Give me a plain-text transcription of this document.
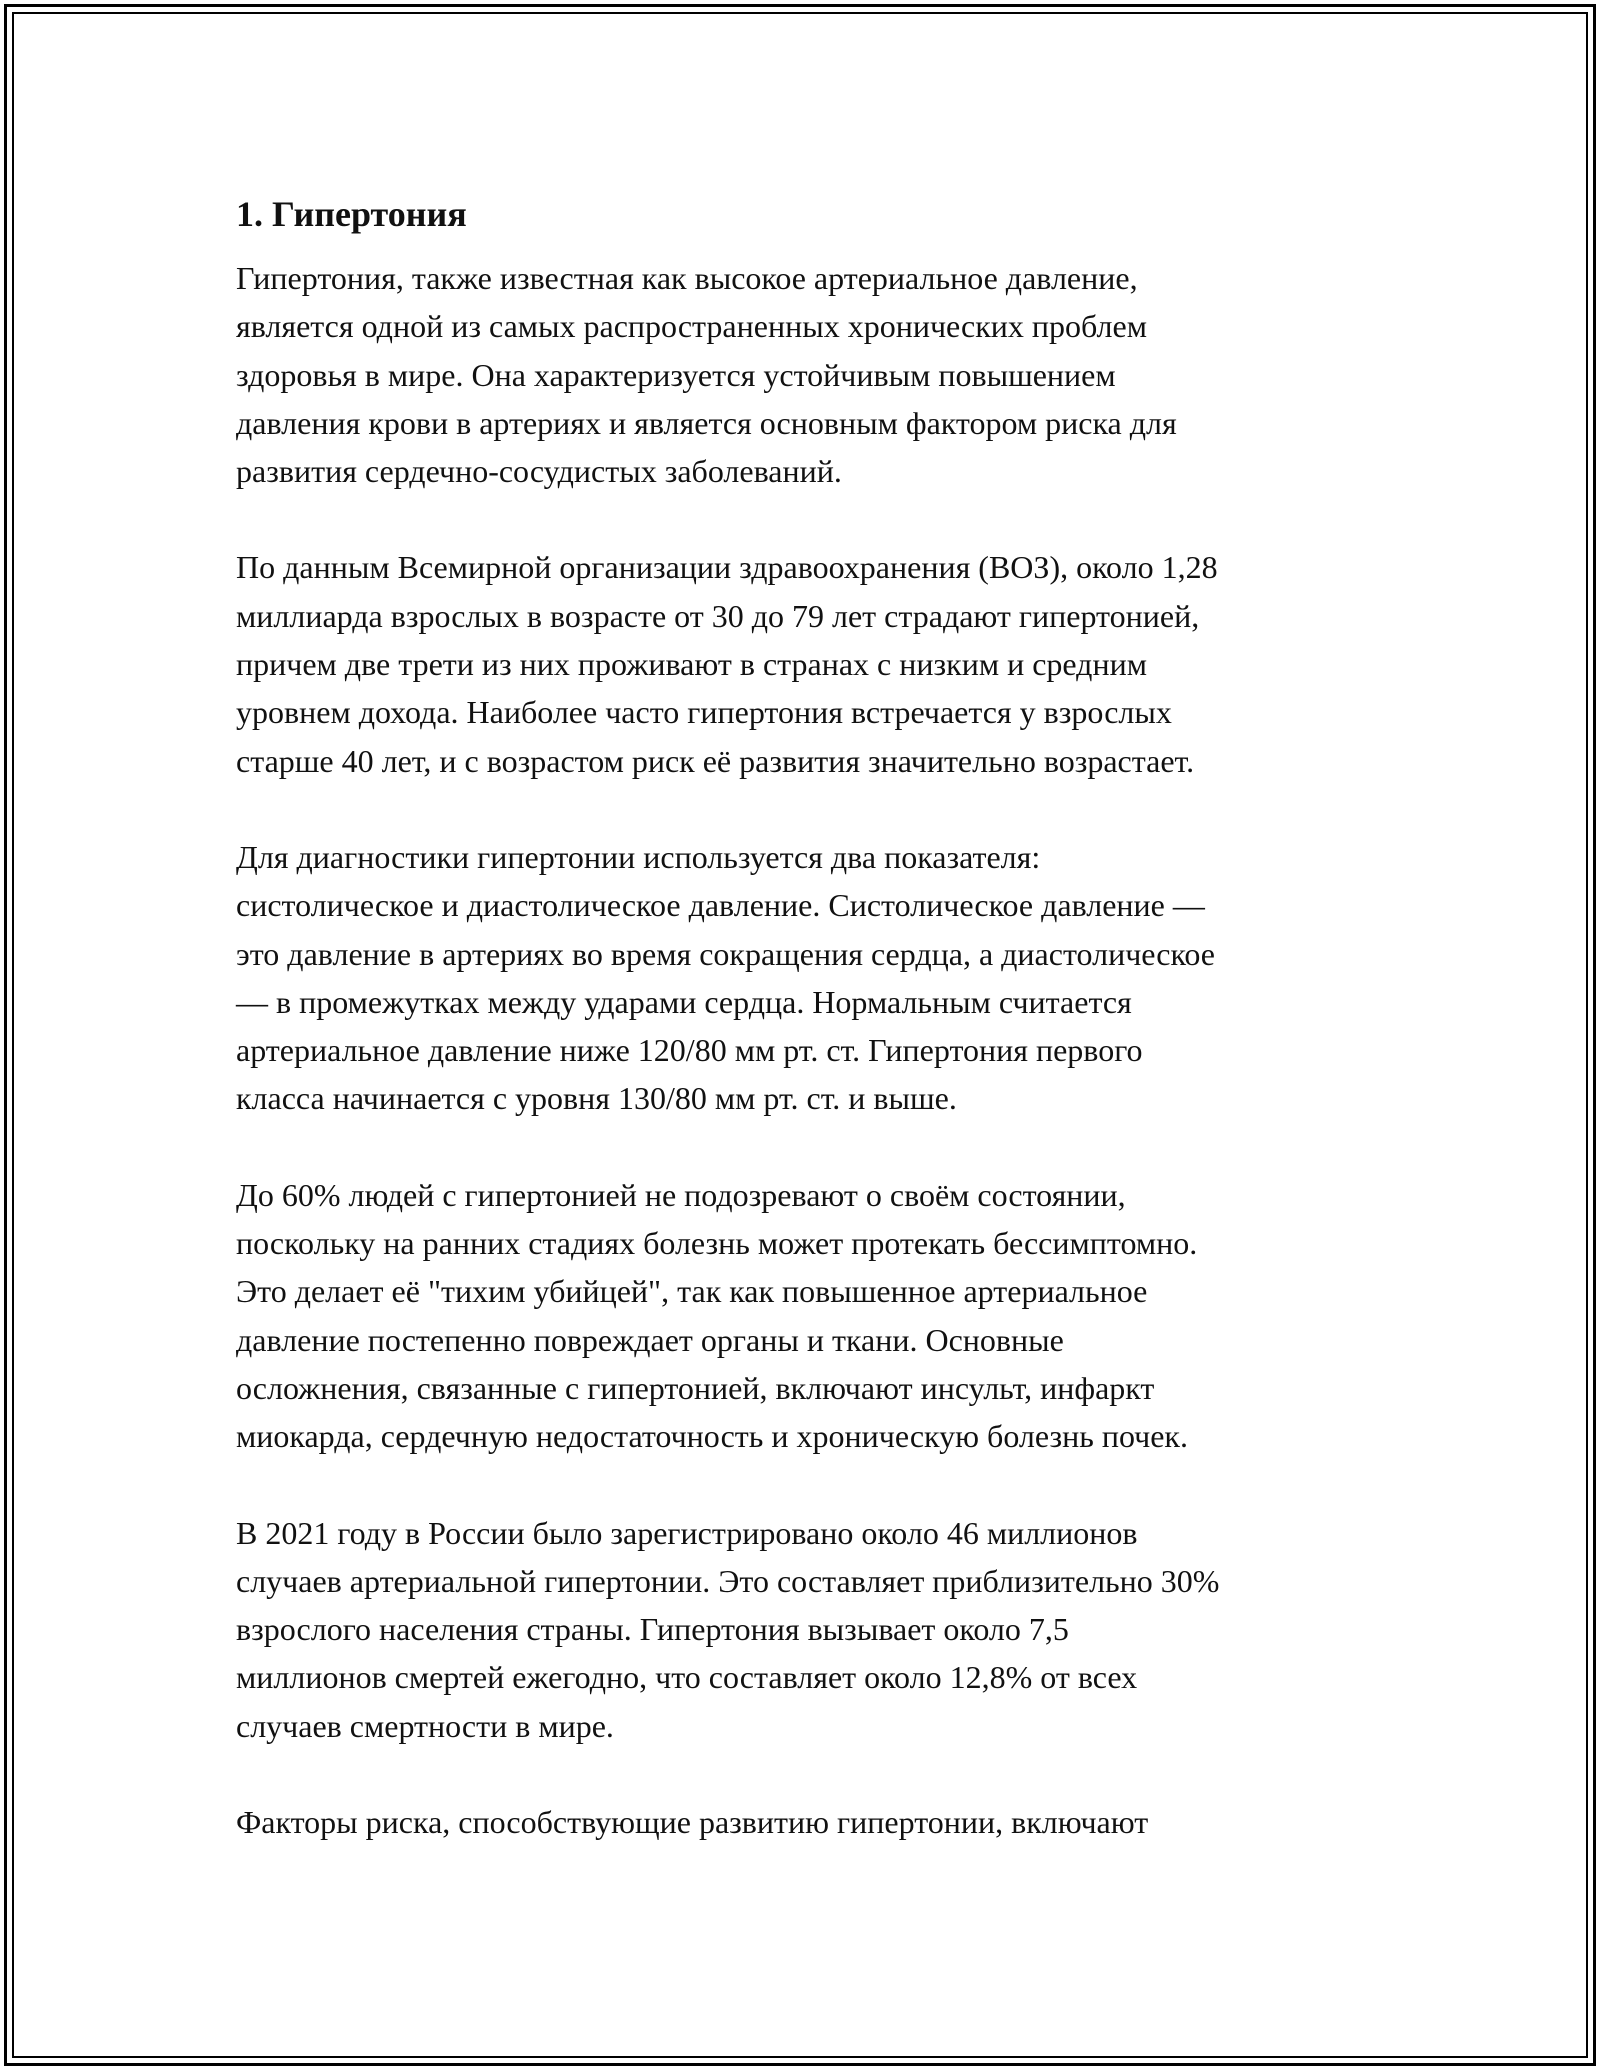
1. Гипертония

Гипертония, также известная как высокое артериальное давление,
является одной из самых распространенных хронических проблем
здоровья в мире. Она характеризуется устойчивым повышением
давления крови в артериях и является основным фактором риска для
развития сердечно-сосудистых заболеваний.

По данным Всемирной организации здравоохранения (ВОЗ), около 1,28
миллиарда взрослых в возрасте от 30 до 79 лет страдают гипертонией,
причем две трети из них проживают в странах с низким и средним
уровнем дохода. Наиболее часто гипертония встречается у взрослых
старше 40 лет, и с возрастом риск её развития значительно возрастает.

Для диагностики гипертонии используется два показателя:
систолическое и диастолическое давление. Систолическое давление —
это давление в артериях во время сокращения сердца, а диастолическое
— в промежутках между ударами сердца. Нормальным считается
артериальное давление ниже 120/80 мм рт. ст. Гипертония первого
класса начинается с уровня 130/80 мм рт. ст. и выше.

До 60% людей с гипертонией не подозревают о своём состоянии,
поскольку на ранних стадиях болезнь может протекать бессимптомно.
Это делает её "тихим убийцей", так как повышенное артериальное
давление постепенно повреждает органы и ткани. Основные
осложнения, связанные с гипертонией, включают инсульт, инфаркт
миокарда, сердечную недостаточность и хроническую болезнь почек.

В 2021 году в России было зарегистрировано около 46 миллионов
случаев артериальной гипертонии. Это составляет приблизительно 30%
взрослого населения страны. Гипертония вызывает около 7,5
миллионов смертей ежегодно, что составляет около 12,8% от всех
случаев смертности в мире.

Факторы риска, способствующие развитию гипертонии, включают
